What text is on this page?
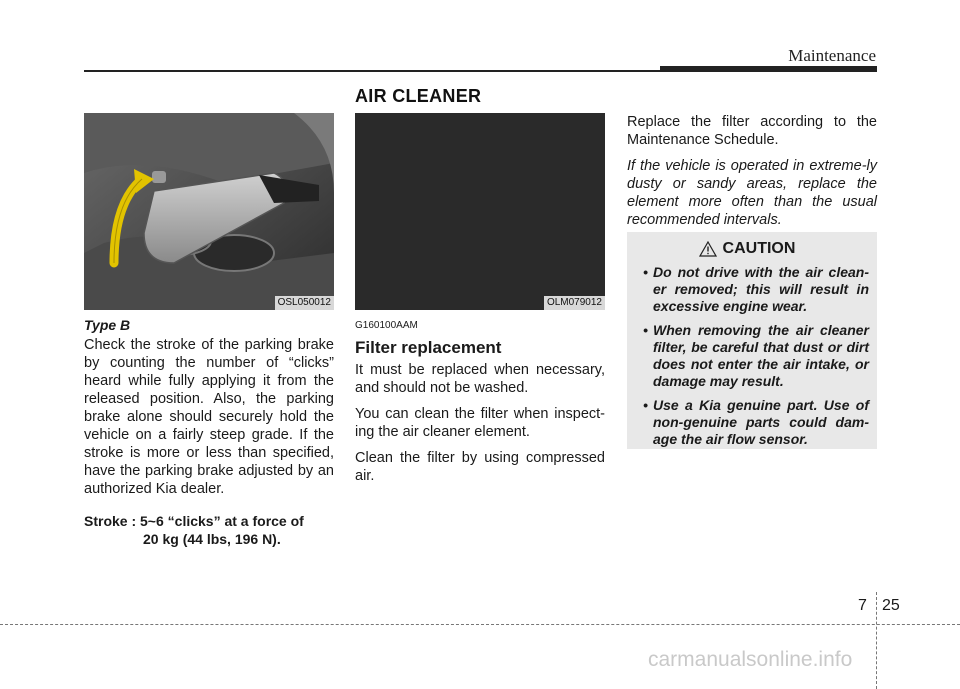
Maintenance
AIR CLEANER
OSL050012
Type B
Check the stroke of the parking brake by counting the number of “clicks” heard while fully applying it from the released position. Also, the parking brake alone should securely hold the vehicle on a fairly steep grade. If the stroke is more or less than specified, have the parking brake adjusted by an authorized Kia dealer.
Stroke : 5~6 “clicks” at a force of
20 kg (44 lbs, 196 N).
OLM079012
G160100AAM
Filter replacement
It must be replaced when necessary, and should not be washed.
You can clean the filter when inspect-ing the air cleaner element.
Clean the filter by using compressed air.
Replace the filter according to the Maintenance Schedule.
If the vehicle is operated in extreme-ly dusty or sandy areas, replace the element more often than the usual recommended intervals.
CAUTION
• Do not drive with the air clean-er removed; this will result in excessive engine wear.
• When removing the air cleaner filter, be careful that dust or dirt does not enter the air intake, or damage may result.
• Use a Kia genuine part. Use of non-genuine parts could dam-age the air flow sensor.
7 25
carmanualsonline.info
